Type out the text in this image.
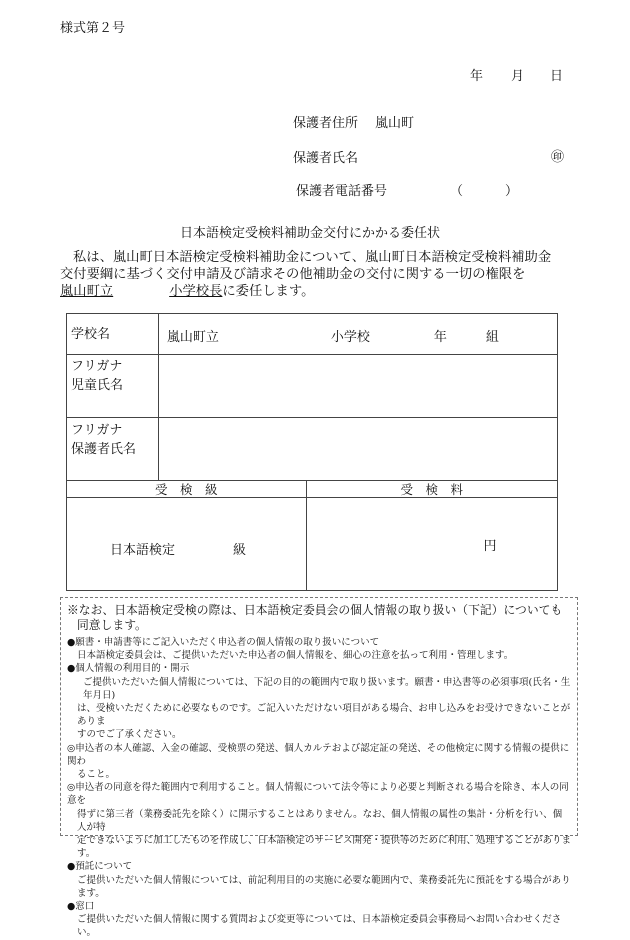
様式第２号
年 月 日
保護者住所 嵐山町
保護者氏名	㊞
保護者電話番号	（	）
日本語検定受検料補助金交付にかかる委任状
私は、嵐山町日本語検定受検料補助金について、嵐山町日本語検定受検料補助金
交付要綱に基づく交付申請及び請求その他補助金の交付に関する一切の権限を
嵐山町立	小学校長に委任します。
学校名	嵐山町立 小学校 年 組	

フリガナ
児童氏名		

フリガナ
保護者氏名		

受　検　級		受　検　料

日本語検定 級		円
※なお、日本語検定受検の際は、日本語検定委員会の個人情報の取り扱い（下記）についても
同意します。
●願書・申請書等にご記入いただく申込者の個人情報の取り扱いについて
日本語検定委員会は、ご提供いただいた申込者の個人情報を、細心の注意を払って利用・管理します。
●個人情報の利用目的・開示
ご提供いただいた個人情報については、下記の目的の範囲内で取り扱います。願書・申込書等の必須事項(氏名・生年月日)
は、受検いただくために必要なものです。ご記入いただけない項目がある場合、お申し込みをお受けできないことがありま
すのでご了承ください。
◎申込者の本人確認、入金の確認、受検票の発送、個人カルテおよび認定証の発送、その他検定に関する情報の提供に関わ
ること。
◎申込者の同意を得た範囲内で利用すること。個人情報について法令等により必要と判断される場合を除き、本人の同意を
得ずに第三者（業務委託先を除く）に開示することはありません。なお、個人情報の属性の集計・分析を行い、個人が特
定できないように加工したものを作成し、日本語検定のサービス開発・提供等のために利用、処理することがあります。
●預託について
ご提供いただいた個人情報については、前記利用目的の実施に必要な範囲内で、業務委託先に預託をする場合があります。
●窓口
ご提供いただいた個人情報に関する質問および変更等については、日本語検定委員会事務局へお問い合わせください。
